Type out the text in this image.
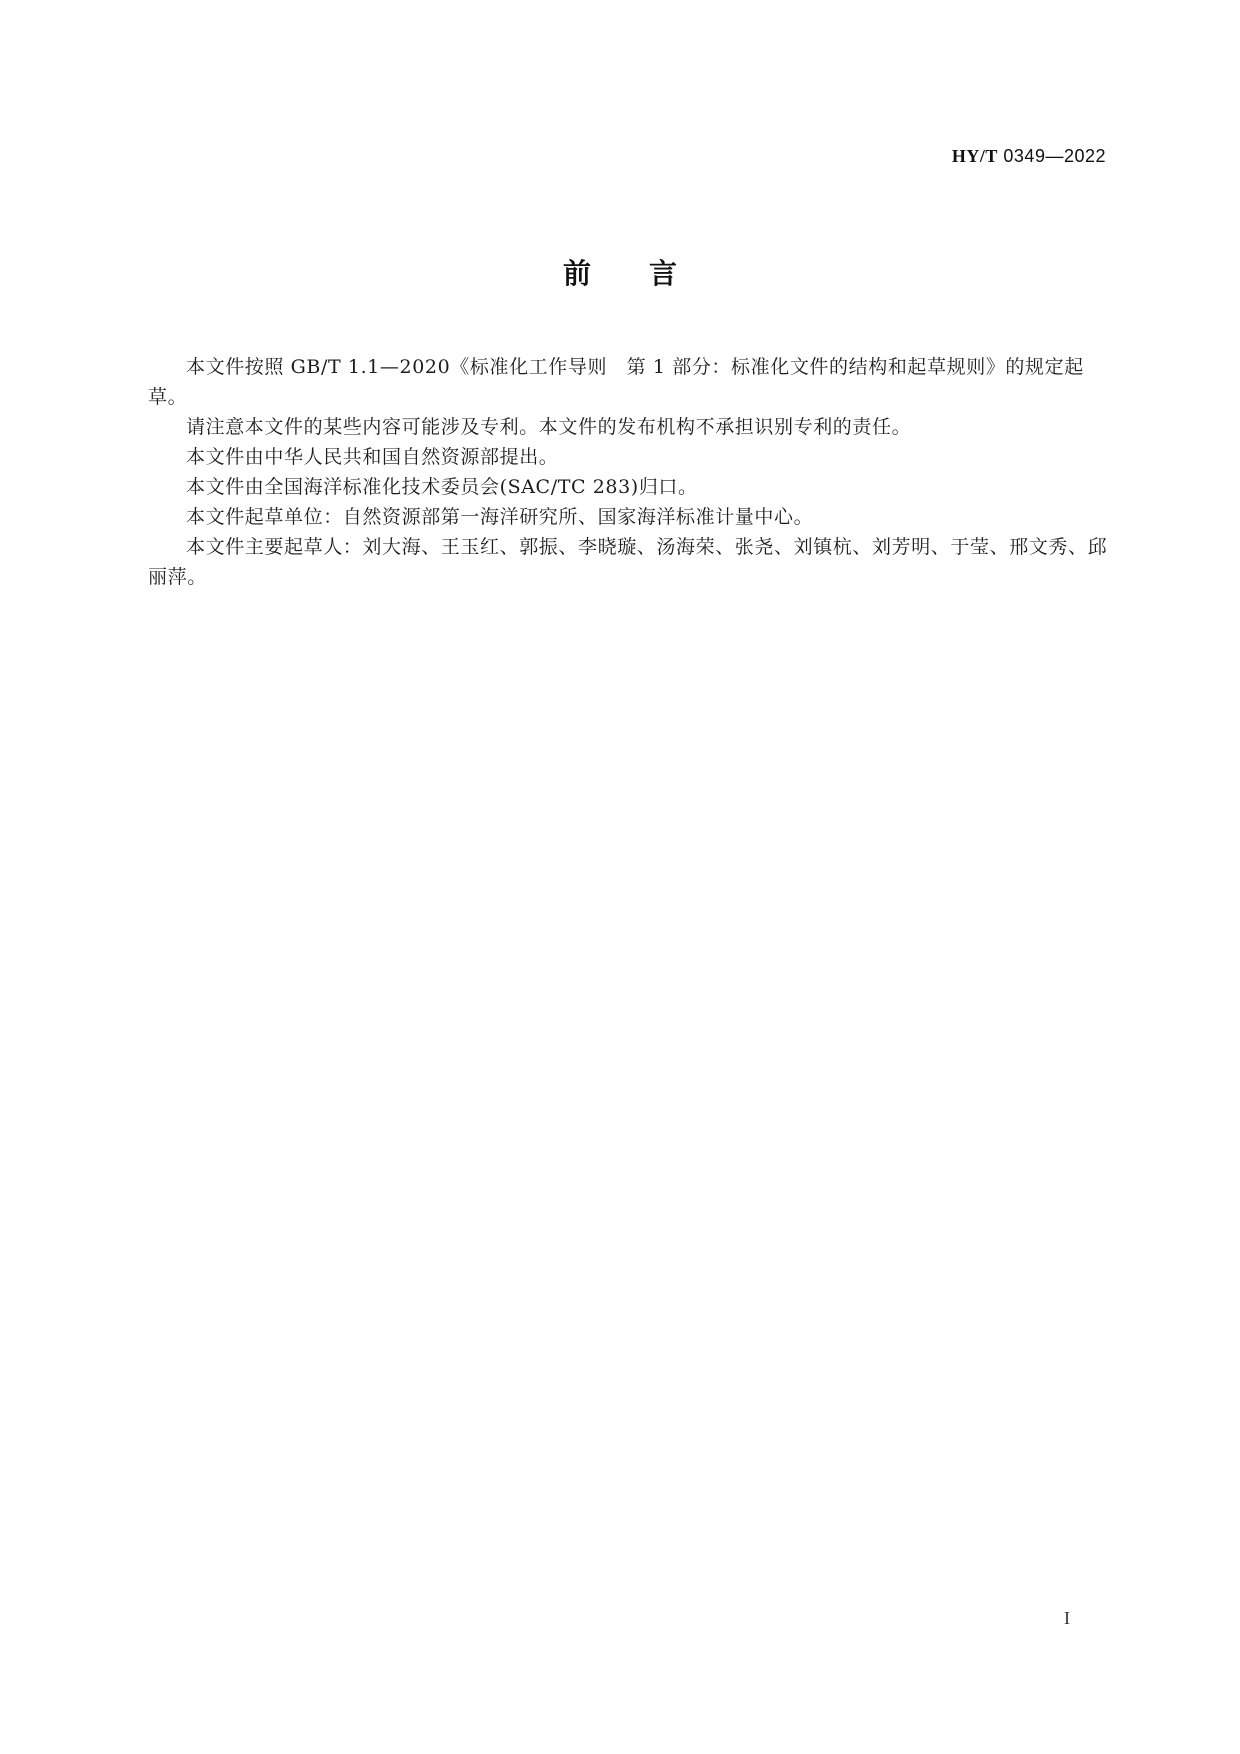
HY/T 0349—2022
前言

本文件按照 GB/T 1.1—2020《标准化工作导则　第 1 部分：标准化文件的结构和起草规则》的规定起草。

请注意本文件的某些内容可能涉及专利。本文件的发布机构不承担识别专利的责任。

本文件由中华人民共和国自然资源部提出。

本文件由全国海洋标准化技术委员会(SAC/TC 283)归口。

本文件起草单位：自然资源部第一海洋研究所、国家海洋标准计量中心。

本文件主要起草人：刘大海、王玉红、郭振、李晓璇、汤海荣、张尧、刘镇杭、刘芳明、于莹、邢文秀、邱丽萍。

I
